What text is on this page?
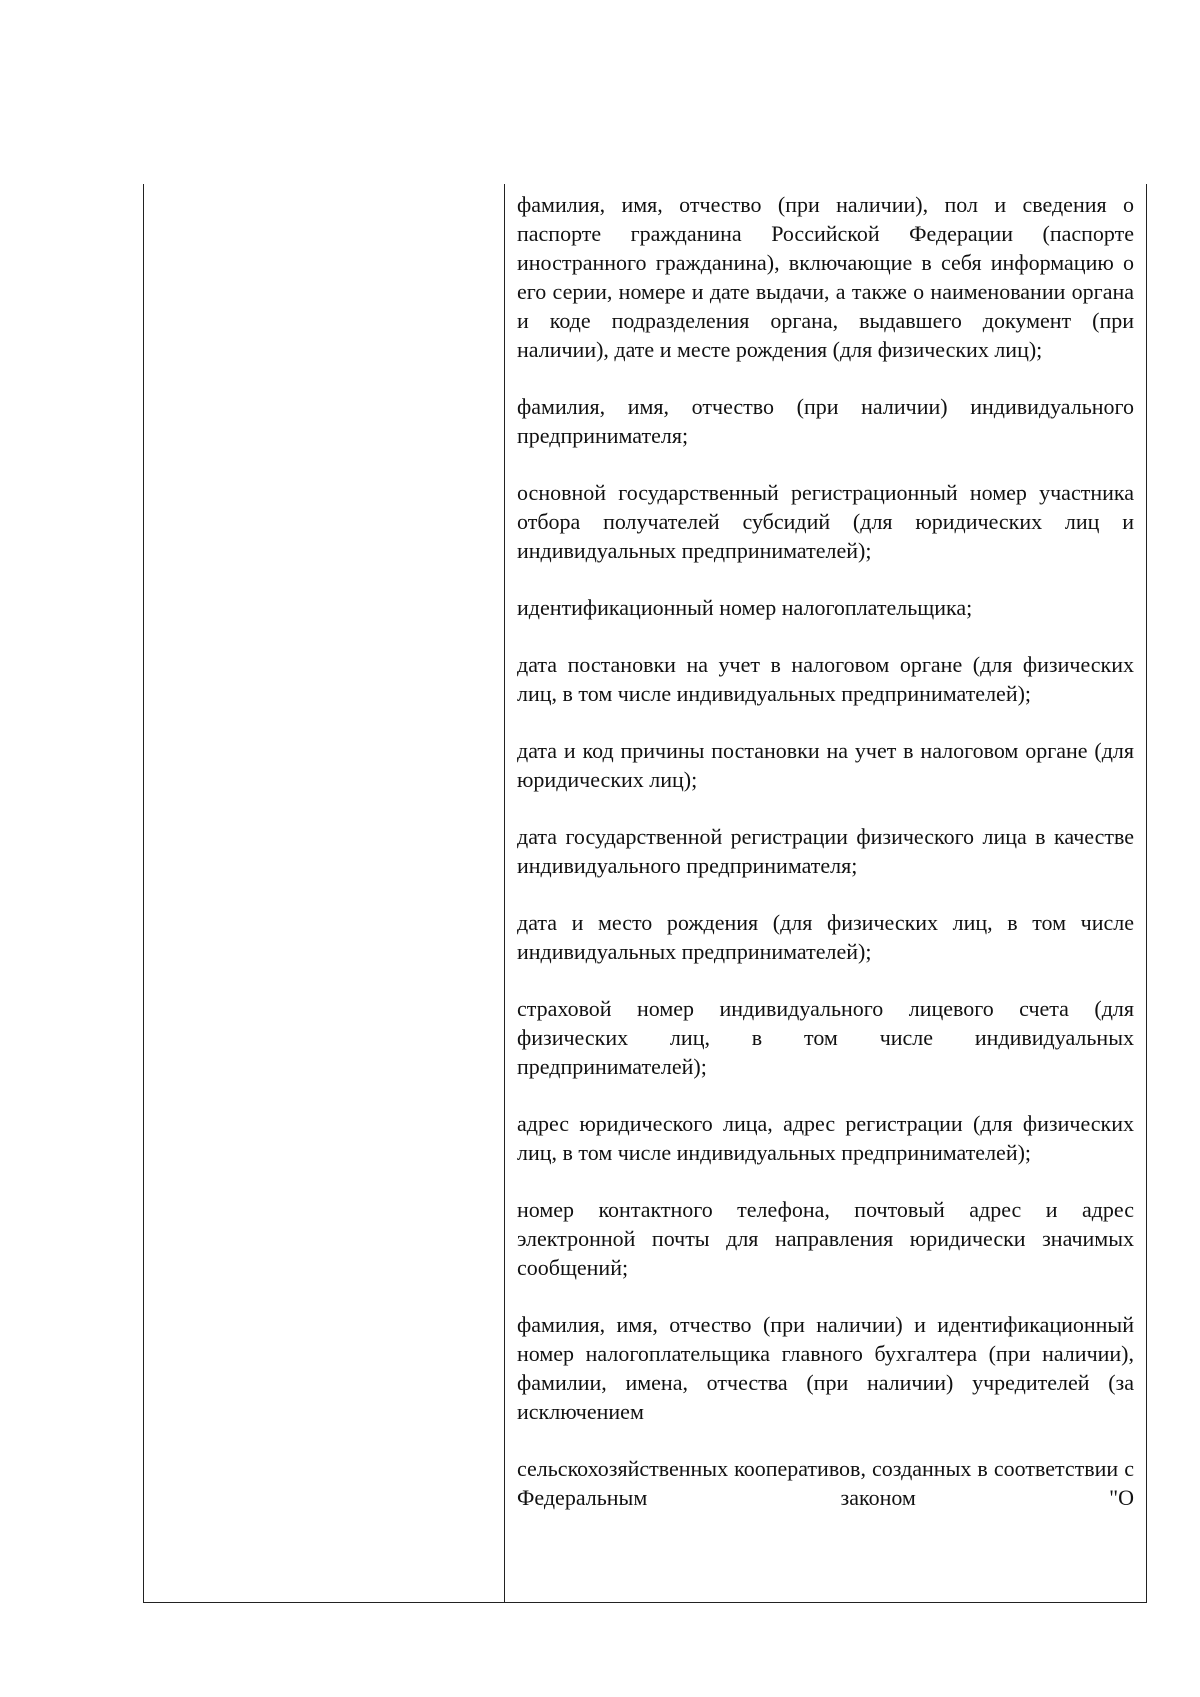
фамилия, имя, отчество (при наличии), пол и сведения о паспорте гражданина Российской Федерации (паспорте иностранного гражданина), включающие в себя информацию о его серии, номере и дате выдачи, а также о наименовании органа и коде подразделения органа, выдавшего документ (при наличии), дате и месте рождения (для физических лиц);

фамилия, имя, отчество (при наличии) индивидуального предпринимателя;

основной государственный регистрационный номер участника отбора получателей субсидий (для юридических лиц и индивидуальных предпринимателей);

идентификационный номер налогоплательщика;

дата постановки на учет в налоговом органе (для физических лиц, в том числе индивидуальных предпринимателей);

дата и код причины постановки на учет в налоговом органе (для юридических лиц);

дата государственной регистрации физического лица в качестве индивидуального предпринимателя;

дата и место рождения (для физических лиц, в том числе индивидуальных предпринимателей);

страховой номер индивидуального лицевого счета (для физических лиц, в том числе индивидуальных предпринимателей);

адрес юридического лица, адрес регистрации (для физических лиц, в том числе индивидуальных предпринимателей);

номер контактного телефона, почтовый адрес и адрес электронной почты для направления юридически значимых сообщений;

фамилия, имя, отчество (при наличии) и идентификационный номер налогоплательщика главного бухгалтера (при наличии), фамилии, имена, отчества (при наличии) учредителей (за исключением

сельскохозяйственных кооперативов, созданных в соответствии с Федеральным законом "О
